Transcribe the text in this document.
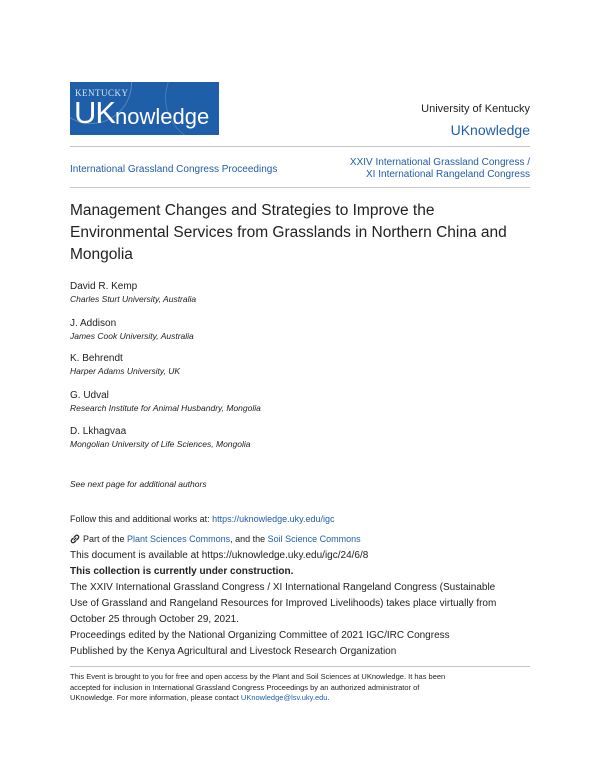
KENTUCKY
UK nowledge	University of Kentucky
UKnowledge
International Grassland Congress Proceedings
XXIV International Grassland Congress /
XI International Rangeland Congress
Management Changes and Strategies to Improve the Environmental Services from Grasslands in Northern China and Mongolia
David R. Kemp
Charles Sturt University, Australia
J. Addison
James Cook University, Australia
K. Behrendt
Harper Adams University, UK
G. Udval
Research Institute for Animal Husbandry, Mongolia
D. Lkhagvaa
Mongolian University of Life Sciences, Mongolia
See next page for additional authors
Follow this and additional works at: https://uknowledge.uky.edu/igc
Part of the Plant Sciences Commons, and the Soil Science Commons
This document is available at https://uknowledge.uky.edu/igc/24/6/8
This collection is currently under construction.
The XXIV International Grassland Congress / XI International Rangeland Congress (Sustainable
Use of Grassland and Rangeland Resources for Improved Livelihoods) takes place virtually from
October 25 through October 29, 2021.
Proceedings edited by the National Organizing Committee of 2021 IGC/IRC Congress
Published by the Kenya Agricultural and Livestock Research Organization
This Event is brought to you for free and open access by the Plant and Soil Sciences at UKnowledge. It has been
accepted for inclusion in International Grassland Congress Proceedings by an authorized administrator of
UKnowledge. For more information, please contact UKnowledge@lsv.uky.edu.
